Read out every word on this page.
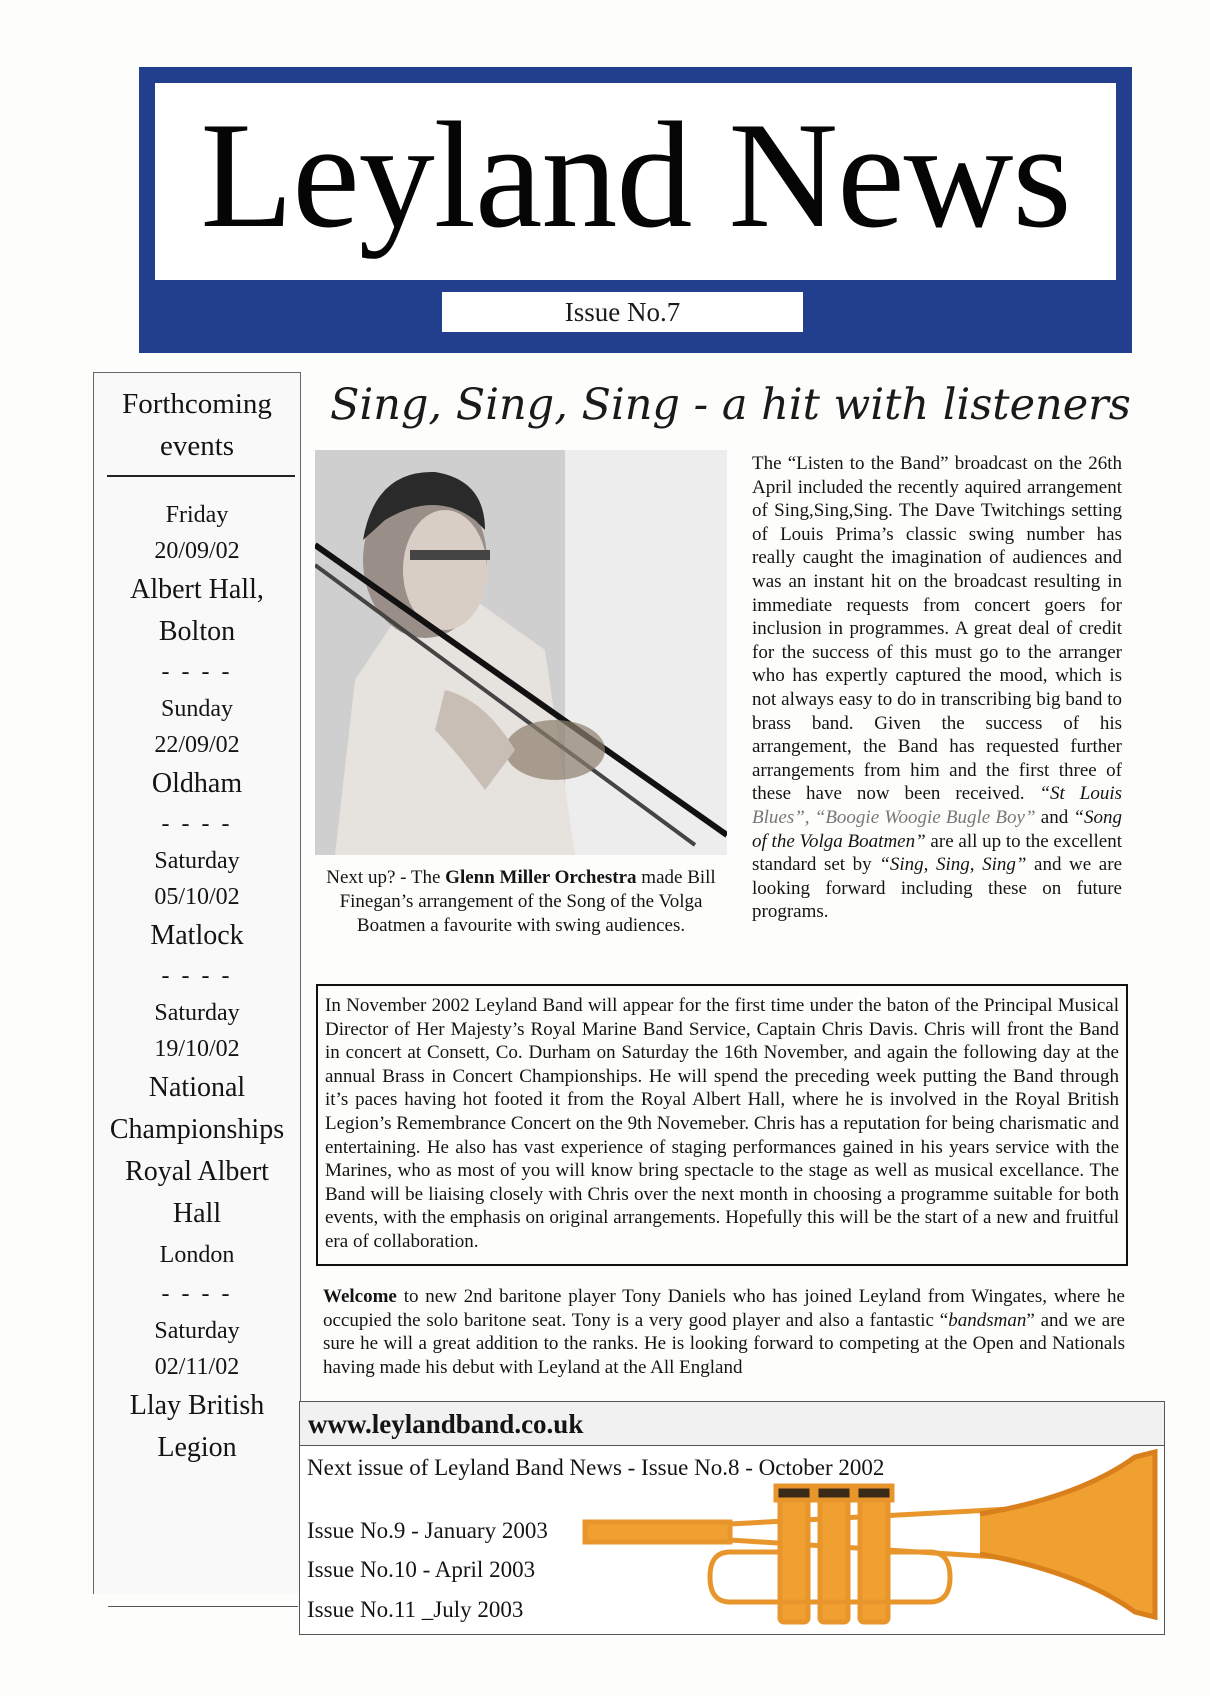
Leyland News
Issue No.7
Forthcoming
events
Friday
20/09/02
Albert Hall,
Bolton
- - - -
Sunday
22/09/02
Oldham
- - - -
Saturday
05/10/02
Matlock
- - - -
Saturday
19/10/02
National
Championships
Royal Albert
Hall
London
- - - -
Saturday
02/11/02
Llay British
Legion
Sing, Sing, Sing - a hit with listeners
Next up? - The Glenn Miller Orchestra made Bill Finegan’s arrangement of the Song of the Volga Boatmen a favourite with swing audiences.
The “Listen to the Band” broadcast on the 26th April included the recently aquired arrangement of Sing,Sing,Sing. The Dave Twitchings setting of Louis Prima’s classic swing number has really caught the imagination of audiences and was an instant hit on the broadcast resulting in immediate requests from concert goers for inclusion in programmes. A great deal of credit for the success of this must go to the arranger who has expertly captured the mood, which is not always easy to do in transcribing big band to brass band. Given the success of his arrangement, the Band has requested further arrangements from him and the first three of these have now been received. “St Louis Blues”, “Boogie Woogie Bugle Boy” and “Song of the Volga Boatmen” are all up to the excellent standard set by “Sing, Sing, Sing” and we are looking forward including these on future programs.
In November 2002 Leyland Band will appear for the first time under the baton of the Principal Musical Director of Her Majesty’s Royal Marine Band Service, Captain Chris Davis. Chris will front the Band in concert at Consett, Co. Durham on Saturday the 16th November, and again the following day at the annual Brass in Concert Championships. He will spend the preceding week putting the Band through it’s paces having hot footed it from the Royal Albert Hall, where he is involved in the Royal British Legion’s Remembrance Concert on the 9th Novemeber. Chris has a reputation for being charismatic and entertaining. He also has vast experience of staging performances gained in his years service with the Marines, who as most of you will know bring spectacle to the stage as well as musical excellance. The Band will be liaising closely with Chris over the next month in choosing a programme suitable for both events, with the emphasis on original arrangements. Hopefully this will be the start of a new and fruitful era of collaboration.
Welcome to new 2nd baritone player Tony Daniels who has joined Leyland from Wingates, where he occupied the solo baritone seat. Tony is a very good player and also a fantastic “bandsman” and we are sure he will a great addition to the ranks. He is looking forward to competing at the Open and Nationals having made his debut with Leyland at the All England
www.leylandband.co.uk
Next issue of Leyland Band News - Issue No.8 - October 2002
Issue No.9 - January 2003
Issue No.10 - April 2003
Issue No.11 _July 2003
